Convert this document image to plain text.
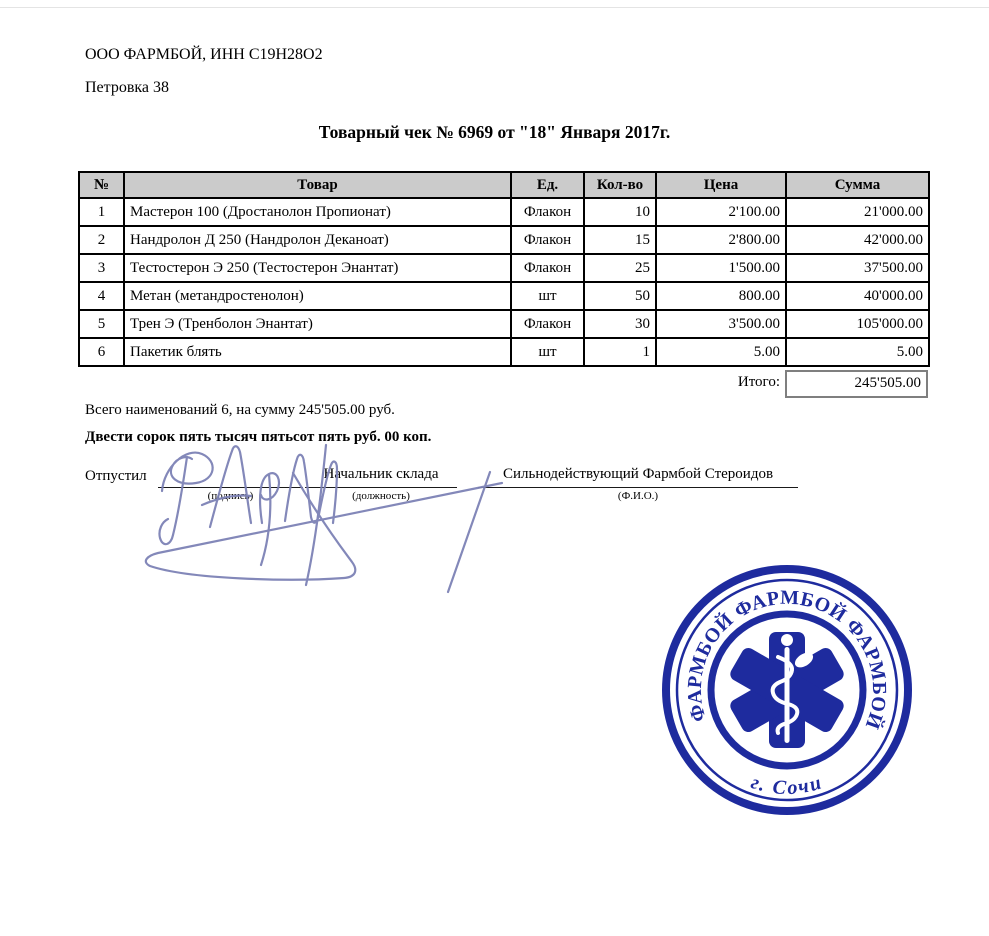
ООО ФАРМБОЙ, ИНН С19Н28О2
Петровка 38
Товарный чек № 6969 от "18" Января 2017г.
№	Товар	Ед.	Кол-во	Цена	Сумма
1	Мастерон 100 (Дростанолон Пропионат)	Флакон	10	2'100.00	21'000.00
2	Нандролон Д 250 (Нандролон Деканоат)	Флакон	15	2'800.00	42'000.00
3	Тестостерон Э 250 (Тестостерон Энантат)	Флакон	25	1'500.00	37'500.00
4	Метан (метандростенолон)	шт	50	800.00	40'000.00
5	Трен Э (Тренболон Энантат)	Флакон	30	3'500.00	105'000.00
6	Пакетик блять	шт	1	5.00	5.00
Итого:	245'505.00
Всего наименований 6, на сумму 245'505.00 руб.
Двести сорок пять тысяч пятьсот пять руб. 00 коп.
Отпустил	Начальник склада	Сильнодействующий Фармбой Стероидов
(подпись)	(должность)	(Ф.И.О.)
ФАРМБОЙ ФАРМБОЙ ФАРМБОЙ
г. Сочи
